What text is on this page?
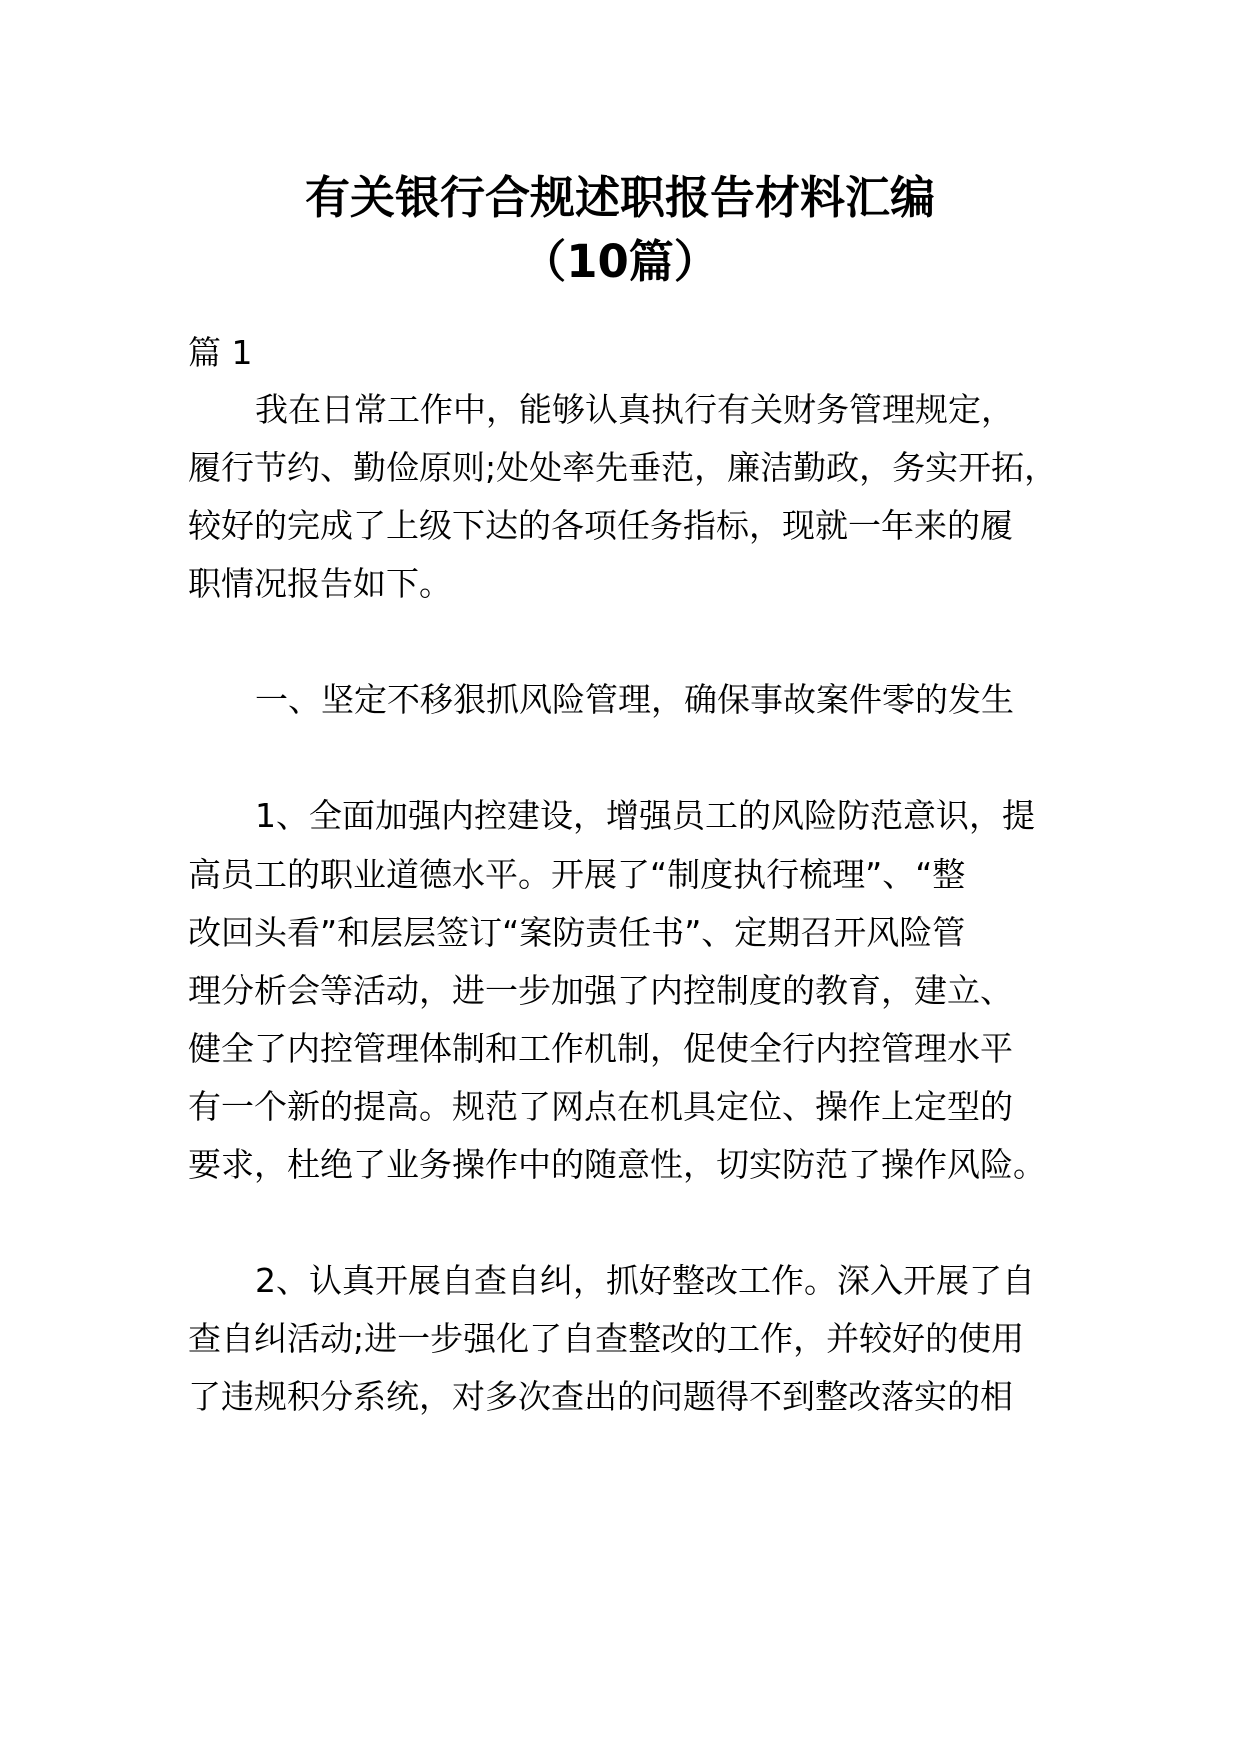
有关银行合规述职报告材料汇编
（10篇）
篇 1
我在日常工作中，能够认真执行有关财务管理规定，
履行节约、勤俭原则;处处率先垂范，廉洁勤政，务实开拓，
较好的完成了上级下达的各项任务指标，现就一年来的履
职情况报告如下。
一、坚定不移狠抓风险管理，确保事故案件零的发生
1、全面加强内控建设，增强员工的风险防范意识，提
高员工的职业道德水平。开展了“制度执行梳理”、“整
改回头看”和层层签订“案防责任书”、定期召开风险管
理分析会等活动，进一步加强了内控制度的教育，建立、
健全了内控管理体制和工作机制，促使全行内控管理水平
有一个新的提高。规范了网点在机具定位、操作上定型的
要求，杜绝了业务操作中的随意性，切实防范了操作风险。
2、认真开展自查自纠，抓好整改工作。深入开展了自
查自纠活动;进一步强化了自查整改的工作，并较好的使用
了违规积分系统，对多次查出的问题得不到整改落实的相
